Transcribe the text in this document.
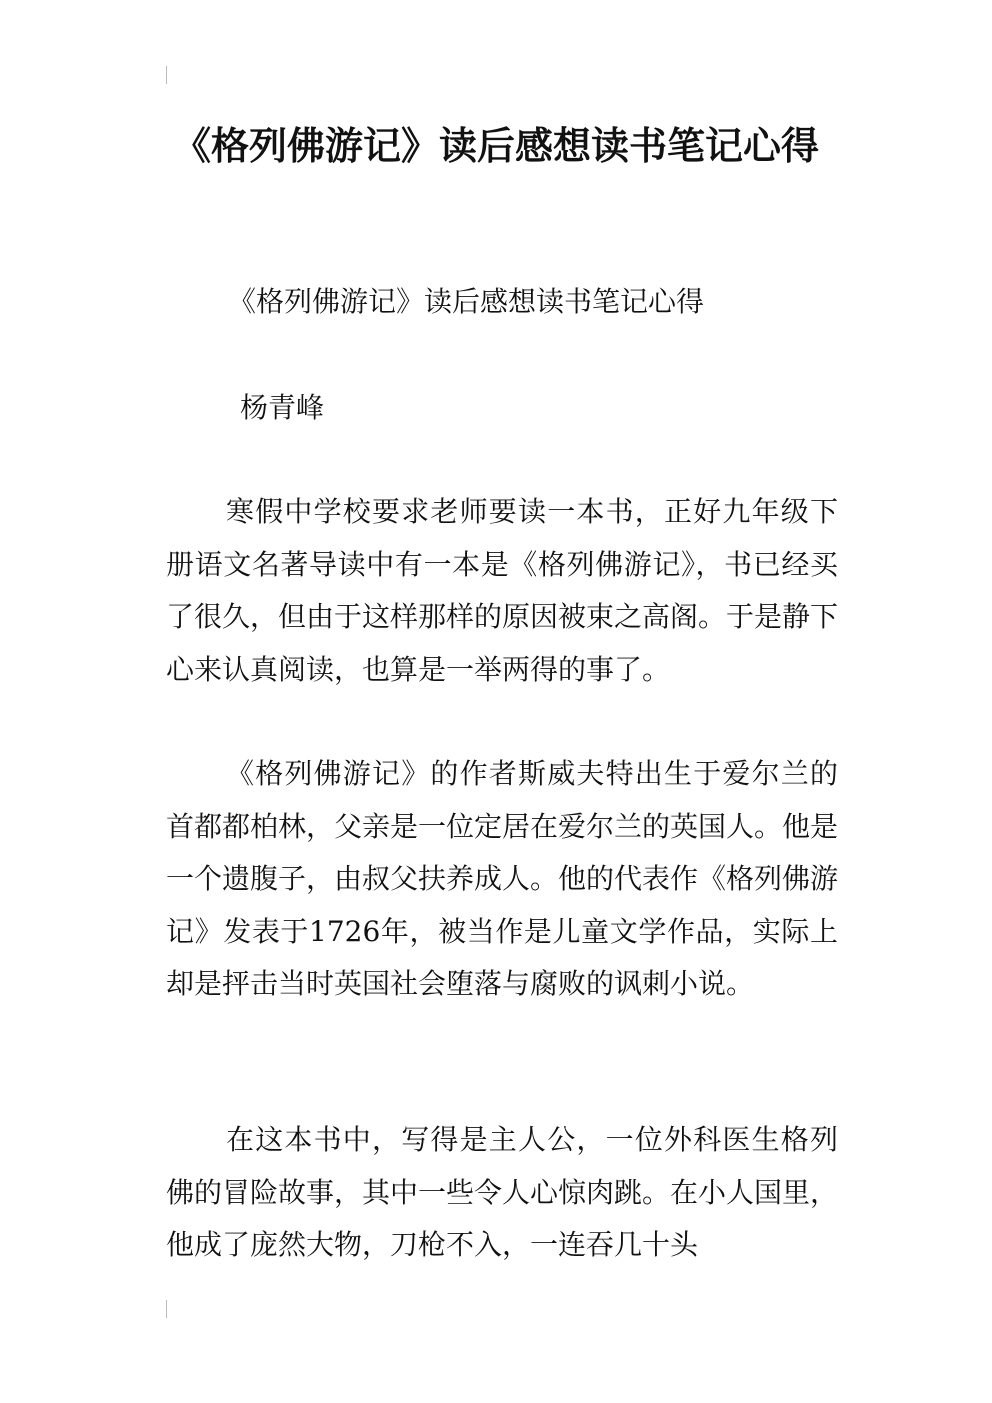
《格列佛游记》读后感想读书笔记心得

《格列佛游记》读后感想读书笔记心得

杨青峰

寒假中学校要求老师要读一本书，正好九年级下册语文名著导读中有一本是《格列佛游记》，书已经买了很久，但由于这样那样的原因被束之高阁。于是静下心来认真阅读，也算是一举两得的事了。

《格列佛游记》的作者斯威夫特出生于爱尔兰的首都都柏林，父亲是一位定居在爱尔兰的英国人。他是一个遗腹子，由叔父扶养成人。他的代表作《格列佛游记》发表于1726年，被当作是儿童文学作品，实际上却是抨击当时英国社会堕落与腐败的讽刺小说。

在这本书中，写得是主人公，一位外科医生格列佛的冒险故事，其中一些令人心惊肉跳。在小人国里，他成了庞然大物，刀枪不入，一连吞几十头
